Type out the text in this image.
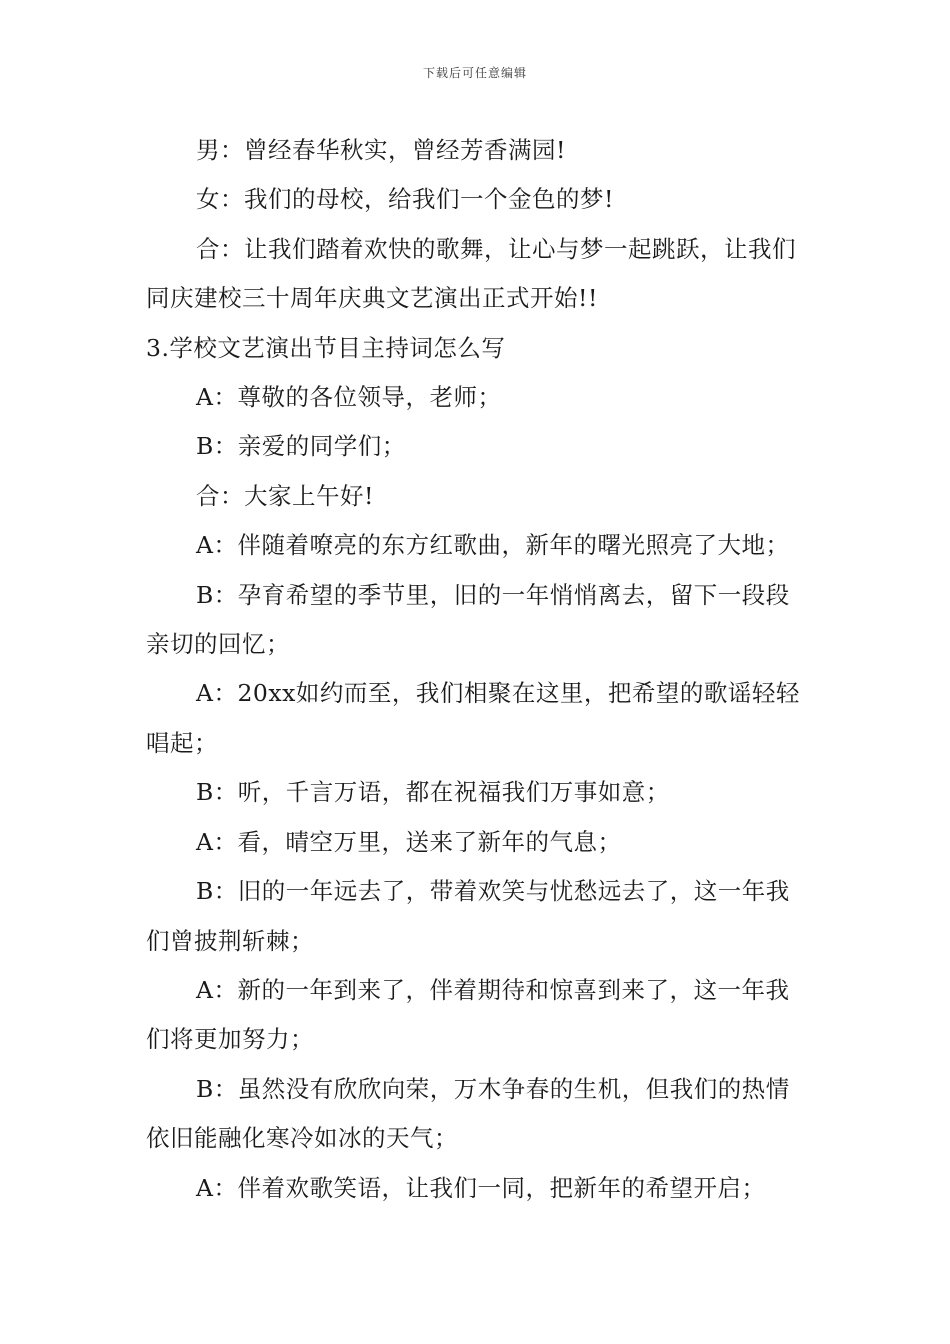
下载后可任意编辑

男：曾经春华秋实，曾经芳香满园!

女：我们的母校，给我们一个金色的梦!

合：让我们踏着欢快的歌舞，让心与梦一起跳跃，让我们同庆建校三十周年庆典文艺演出正式开始!!

3.学校文艺演出节目主持词怎么写

A：尊敬的各位领导，老师；

B：亲爱的同学们；

合：大家上午好!

A：伴随着嘹亮的东方红歌曲，新年的曙光照亮了大地；

B：孕育希望的季节里，旧的一年悄悄离去，留下一段段亲切的回忆；

A：20xx如约而至，我们相聚在这里，把希望的歌谣轻轻唱起；

B：听，千言万语，都在祝福我们万事如意；

A：看，晴空万里，送来了新年的气息；

B：旧的一年远去了，带着欢笑与忧愁远去了，这一年我们曾披荆斩棘；

A：新的一年到来了，伴着期待和惊喜到来了，这一年我们将更加努力；

B：虽然没有欣欣向荣，万木争春的生机，但我们的热情依旧能融化寒冷如冰的天气；

A：伴着欢歌笑语，让我们一同，把新年的希望开启；
